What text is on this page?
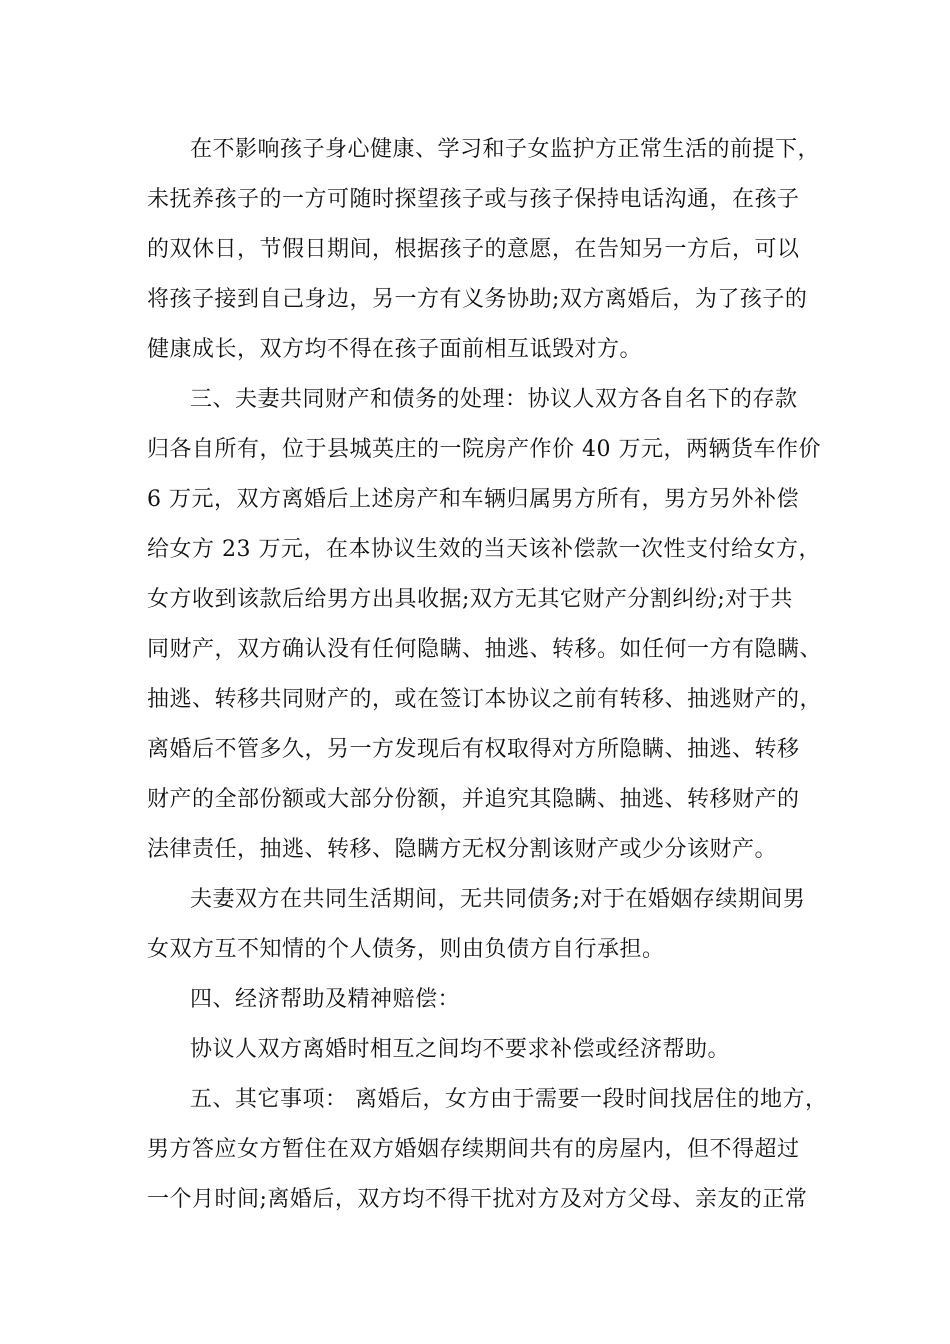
在不影响孩子身心健康、学习和子女监护方正常生活的前提下，
未抚养孩子的一方可随时探望孩子或与孩子保持电话沟通，在孩子
的双休日，节假日期间，根据孩子的意愿，在告知另一方后，可以
将孩子接到自己身边，另一方有义务协助;双方离婚后，为了孩子的
健康成长，双方均不得在孩子面前相互诋毁对方。
三、夫妻共同财产和债务的处理：协议人双方各自名下的存款
归各自所有，位于县城英庄的一院房产作价 40 万元，两辆货车作价
6 万元，双方离婚后上述房产和车辆归属男方所有，男方另外补偿
给女方 23 万元，在本协议生效的当天该补偿款一次性支付给女方，
女方收到该款后给男方出具收据;双方无其它财产分割纠纷;对于共
同财产，双方确认没有任何隐瞒、抽逃、转移。如任何一方有隐瞒、
抽逃、转移共同财产的，或在签订本协议之前有转移、抽逃财产的，
离婚后不管多久，另一方发现后有权取得对方所隐瞒、抽逃、转移
财产的全部份额或大部分份额，并追究其隐瞒、抽逃、转移财产的
法律责任，抽逃、转移、隐瞒方无权分割该财产或少分该财产。
夫妻双方在共同生活期间，无共同债务;对于在婚姻存续期间男
女双方互不知情的个人债务，则由负债方自行承担。
四、经济帮助及精神赔偿：
协议人双方离婚时相互之间均不要求补偿或经济帮助。
五、其它事项： 离婚后，女方由于需要一段时间找居住的地方，
男方答应女方暂住在双方婚姻存续期间共有的房屋内，但不得超过
一个月时间;离婚后，双方均不得干扰对方及对方父母、亲友的正常
